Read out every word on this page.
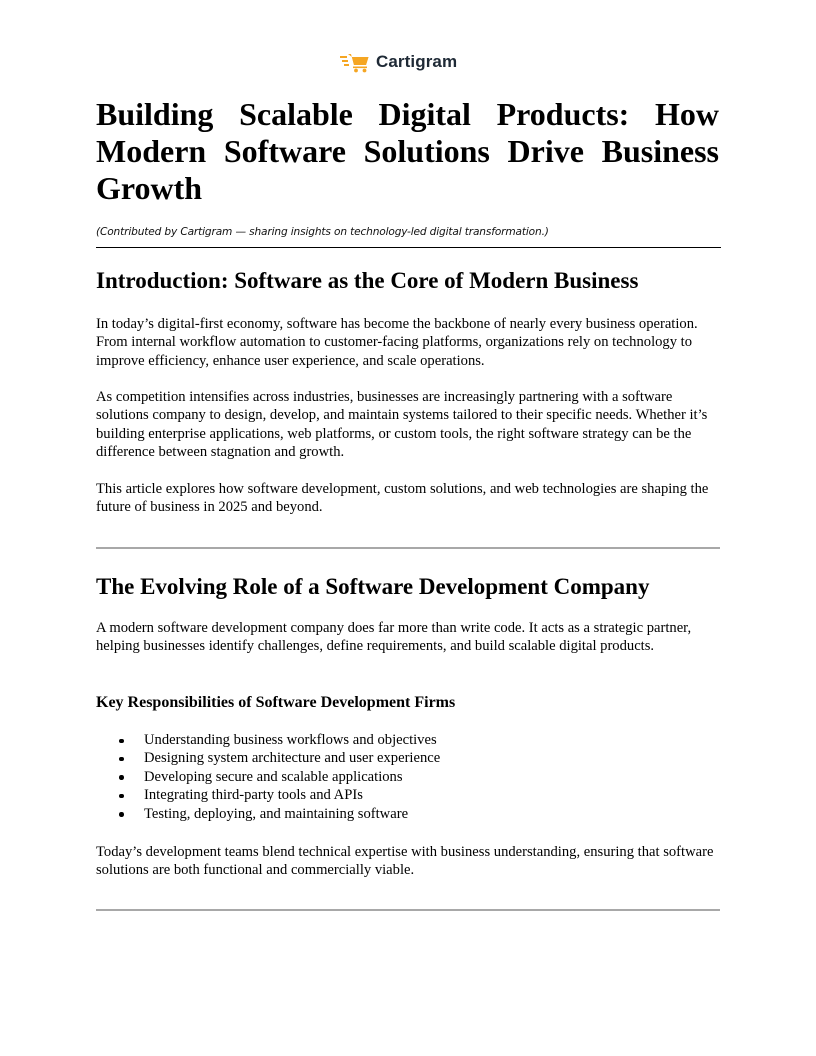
Cartigram
Building Scalable Digital Products: How Modern Software Solutions Drive Business Growth
(Contributed by Cartigram — sharing insights on technology-led digital transformation.)
Introduction: Software as the Core of Modern Business

In today’s digital-first economy, software has become the backbone of nearly every business operation. From internal workflow automation to customer-facing platforms, organizations rely on technology to improve efficiency, enhance user experience, and scale operations.

As competition intensifies across industries, businesses are increasingly partnering with a software solutions company to design, develop, and maintain systems tailored to their specific needs. Whether it’s building enterprise applications, web platforms, or custom tools, the right software strategy can be the difference between stagnation and growth.

This article explores how software development, custom solutions, and web technologies are shaping the future of business in 2025 and beyond.

The Evolving Role of a Software Development Company

A modern software development company does far more than write code. It acts as a strategic partner, helping businesses identify challenges, define requirements, and build scalable digital products.

Key Responsibilities of Software Development Firms
Understanding business workflows and objectives
Designing system architecture and user experience
Developing secure and scalable applications
Integrating third-party tools and APIs
Testing, deploying, and maintaining software

Today’s development teams blend technical expertise with business understanding, ensuring that software solutions are both functional and commercially viable.
